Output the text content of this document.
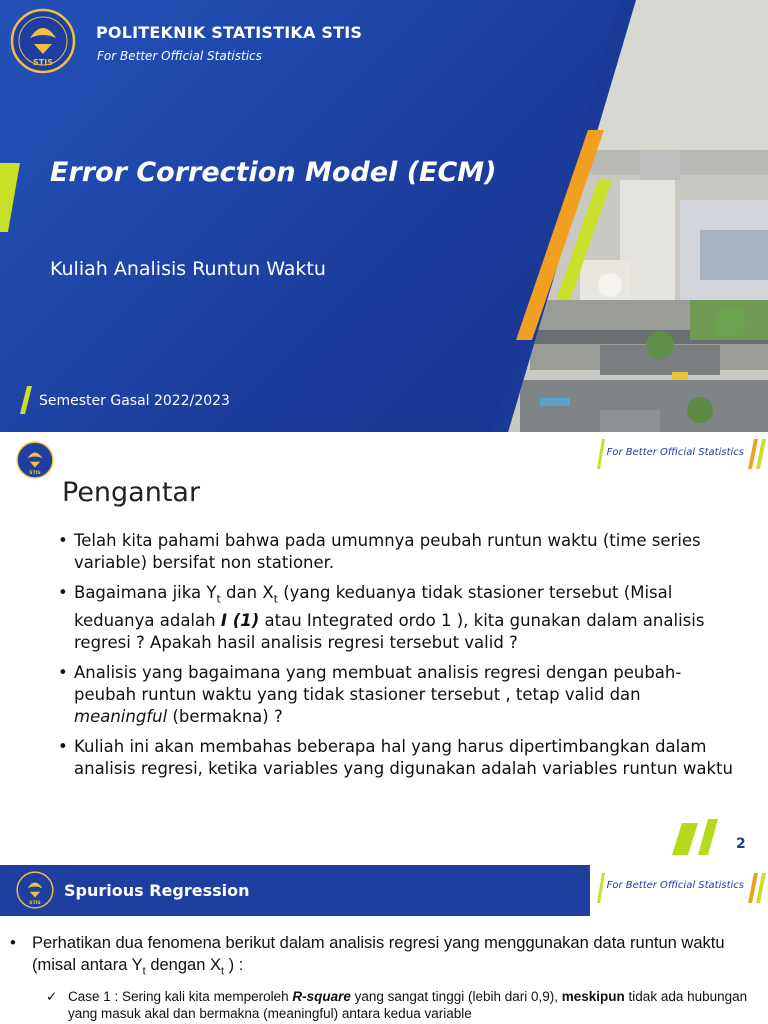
STIS
POLITEKNIK STATISTIKA STIS
For Better Official Statistics
Error Correction Model (ECM)
Kuliah Analisis Runtun Waktu
Semester Gasal 2022/2023
STIS
For Better Official Statistics
Pengantar
• Telah kita pahami bahwa pada umumnya peubah runtun waktu (time series variable) bersifat non stationer.
• Bagaimana jika $Y_t$ dan $X_t$ (yang keduanya tidak stasioner tersebut (Misal keduanya adalah I (1) atau Integrated ordo 1 ), kita gunakan dalam analisis regresi ? Apakah hasil analisis regresi tersebut valid ?
• Analisis yang bagaimana yang membuat analisis regresi dengan peubah-peubah runtun waktu yang tidak stasioner tersebut , tetap valid dan meaningful (bermakna) ?
• Kuliah ini akan membahas beberapa hal yang harus dipertimbangkan dalam analisis regresi, ketika variables yang digunakan adalah variables runtun waktu
2
STIS
Spurious Regression	For Better Official Statistics
• Perhatikan dua fenomena berikut dalam analisis regresi yang menggunakan data runtun waktu (misal antara $Y_t$ dengan $X_t$ ) :
✓ Case 1 : Sering kali kita memperoleh R-square yang sangat tinggi (lebih dari 0,9), meskipun tidak ada hubungan yang masuk akal dan bermakna (meaningful) antara kedua variable
